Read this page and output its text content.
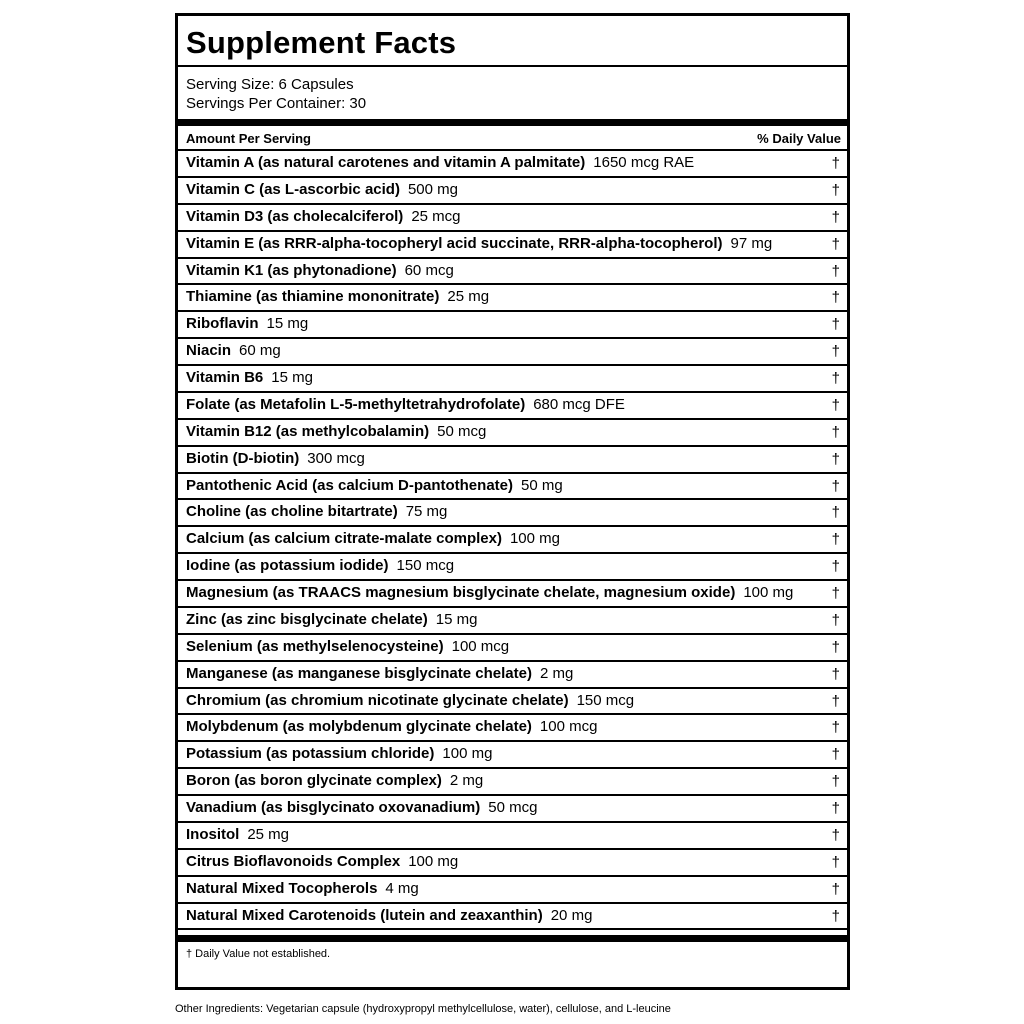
Supplement Facts
Serving Size: 6 Capsules
Servings Per Container: 30
Amount Per Serving	% Daily Value
Vitamin A (as natural carotenes and vitamin A palmitate) 1650 mcg RAE	†
Vitamin C (as L-ascorbic acid) 500 mg	†
Vitamin D3 (as cholecalciferol) 25 mcg	†
Vitamin E (as RRR-alpha-tocopheryl acid succinate, RRR-alpha-tocopherol) 97 mg	†
Vitamin K1 (as phytonadione) 60 mcg	†
Thiamine (as thiamine mononitrate) 25 mg	†
Riboflavin 15 mg	†
Niacin 60 mg	†
Vitamin B6 15 mg	†
Folate (as Metafolin L-5-methyltetrahydrofolate) 680 mcg DFE	†
Vitamin B12 (as methylcobalamin) 50 mcg	†
Biotin (D-biotin) 300 mcg	†
Pantothenic Acid (as calcium D-pantothenate) 50 mg	†
Choline (as choline bitartrate) 75 mg	†
Calcium (as calcium citrate-malate complex) 100 mg	†
Iodine (as potassium iodide) 150 mcg	†
Magnesium (as TRAACS magnesium bisglycinate chelate, magnesium oxide) 100 mg	†
Zinc (as zinc bisglycinate chelate) 15 mg	†
Selenium (as methylselenocysteine) 100 mcg	†
Manganese (as manganese bisglycinate chelate) 2 mg	†
Chromium (as chromium nicotinate glycinate chelate) 150 mcg	†
Molybdenum (as molybdenum glycinate chelate) 100 mcg	†
Potassium (as potassium chloride) 100 mg	†
Boron (as boron glycinate complex) 2 mg	†
Vanadium (as bisglycinato oxovanadium) 50 mcg	†
Inositol 25 mg	†
Citrus Bioflavonoids Complex 100 mg	†
Natural Mixed Tocopherols 4 mg	†
Natural Mixed Carotenoids (lutein and zeaxanthin) 20 mg	†
† Daily Value not established.
Other Ingredients: Vegetarian capsule (hydroxypropyl methylcellulose, water), cellulose, and L-leucine
